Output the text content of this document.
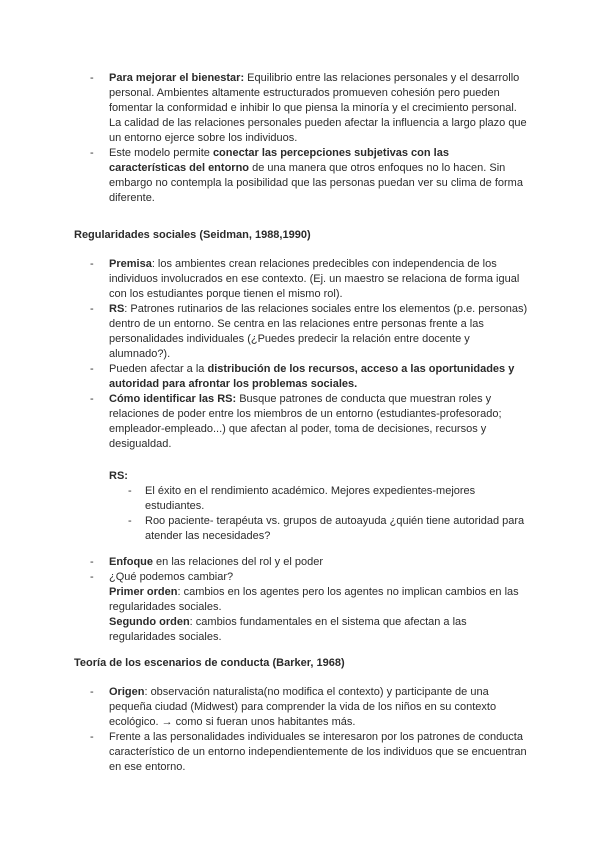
- Para mejorar el bienestar: Equilibrio entre las relaciones personales y el desarrollo personal. Ambientes altamente estructurados promueven cohesión pero pueden fomentar la conformidad e inhibir lo que piensa la minoría y el crecimiento personal. La calidad de las relaciones personales pueden afectar la influencia a largo plazo que un entorno ejerce sobre los individuos.

- Este modelo permite conectar las percepciones subjetivas con las características del entorno de una manera que otros enfoques no lo hacen. Sin embargo no contempla la posibilidad que las personas puedan ver su clima de forma diferente.

Regularidades sociales (Seidman, 1988,1990)

- Premisa: los ambientes crean relaciones predecibles con independencia de los individuos involucrados en ese contexto. (Ej. un maestro se relaciona de forma igual con los estudiantes porque tienen el mismo rol).

- RS: Patrones rutinarios de las relaciones sociales entre los elementos (p.e. personas) dentro de un entorno. Se centra en las relaciones entre personas frente a las personalidades individuales (¿Puedes predecir la relación entre docente y alumnado?).

- Pueden afectar a la distribución de los recursos, acceso a las oportunidades y autoridad para afrontar los problemas sociales.

- Cómo identificar las RS: Busque patrones de conducta que muestran roles y relaciones de poder entre los miembros de un entorno (estudiantes-profesorado; empleador-empleado...) que afectan al poder, toma de decisiones, recursos y desigualdad.

RS:

- El éxito en el rendimiento académico. Mejores expedientes-mejores estudiantes.

- Roo paciente- terapéuta vs. grupos de autoayuda ¿quién tiene autoridad para atender las necesidades?

- Enfoque en las relaciones del rol y el poder

- ¿Qué podemos cambiar?

Primer orden: cambios en los agentes pero los agentes no implican cambios en las regularidades sociales.

Segundo orden: cambios fundamentales en el sistema que afectan a las regularidades sociales.

Teoría de los escenarios de conducta (Barker, 1968)

- Origen: observación naturalista(no modifica el contexto) y participante de una pequeña ciudad (Midwest) para comprender la vida de los niños en su contexto ecológico. → como si fueran unos habitantes más.

- Frente a las personalidades individuales se interesaron por los patrones de conducta característico de un entorno independientemente de los individuos que se encuentran en ese entorno.
